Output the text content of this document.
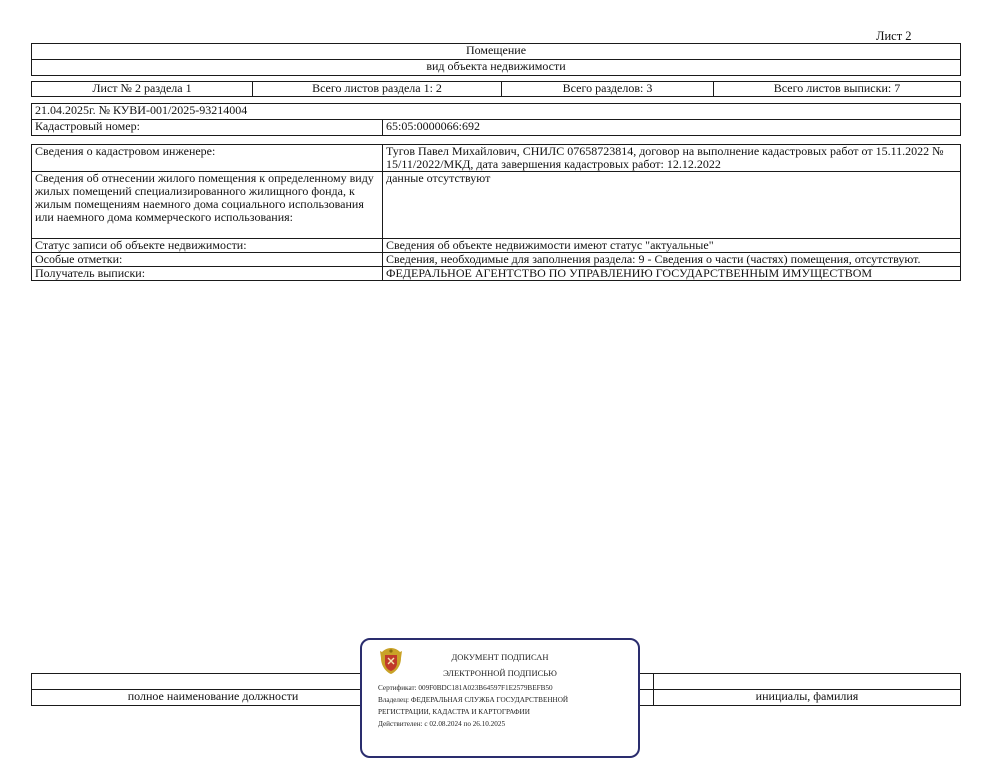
Лист 2
Помещение
вид объекта недвижимости
Лист № 2 раздела 1	Всего листов раздела 1: 2	Всего разделов: 3	Всего листов выписки: 7
21.04.2025г. № КУВИ-001/2025-93214004
Кадастровый номер:	65:05:0000066:692
Сведения о кадастровом инженере:	Тугов Павел Михайлович, СНИЛС 07658723814, договор на выполнение кадастровых работ от 15.11.2022 № 15/11/2022/МКД, дата завершения кадастровых работ: 12.12.2022
Сведения об отнесении жилого помещения к определенному виду жилых помещений специализированного жилищного фонда, к жилым помещениям наемного дома социального использования или наемного дома коммерческого использования:	данные отсутствуют
Статус записи об объекте недвижимости:	Сведения об объекте недвижимости имеют статус "актуальные"
Особые отметки:	Сведения, необходимые для заполнения раздела: 9 - Сведения о части (частях) помещения, отсутствуют.
Получатель выписки:	ФЕДЕРАЛЬНОЕ АГЕНТСТВО ПО УПРАВЛЕНИЮ ГОСУДАРСТВЕННЫМ ИМУЩЕСТВОМ

полное наименование должности		инициалы, фамилия
ДОКУМЕНТ ПОДПИСАН
ЭЛЕКТРОННОЙ ПОДПИСЬЮ
Сертификат: 009F0BDC181A023B64597F1E2579BEFB50
Владелец: ФЕДЕРАЛЬНАЯ СЛУЖБА ГОСУДАРСТВЕННОЙ
РЕГИСТРАЦИИ, КАДАСТРА И КАРТОГРАФИИ
Действителен: с 02.08.2024 по 26.10.2025
